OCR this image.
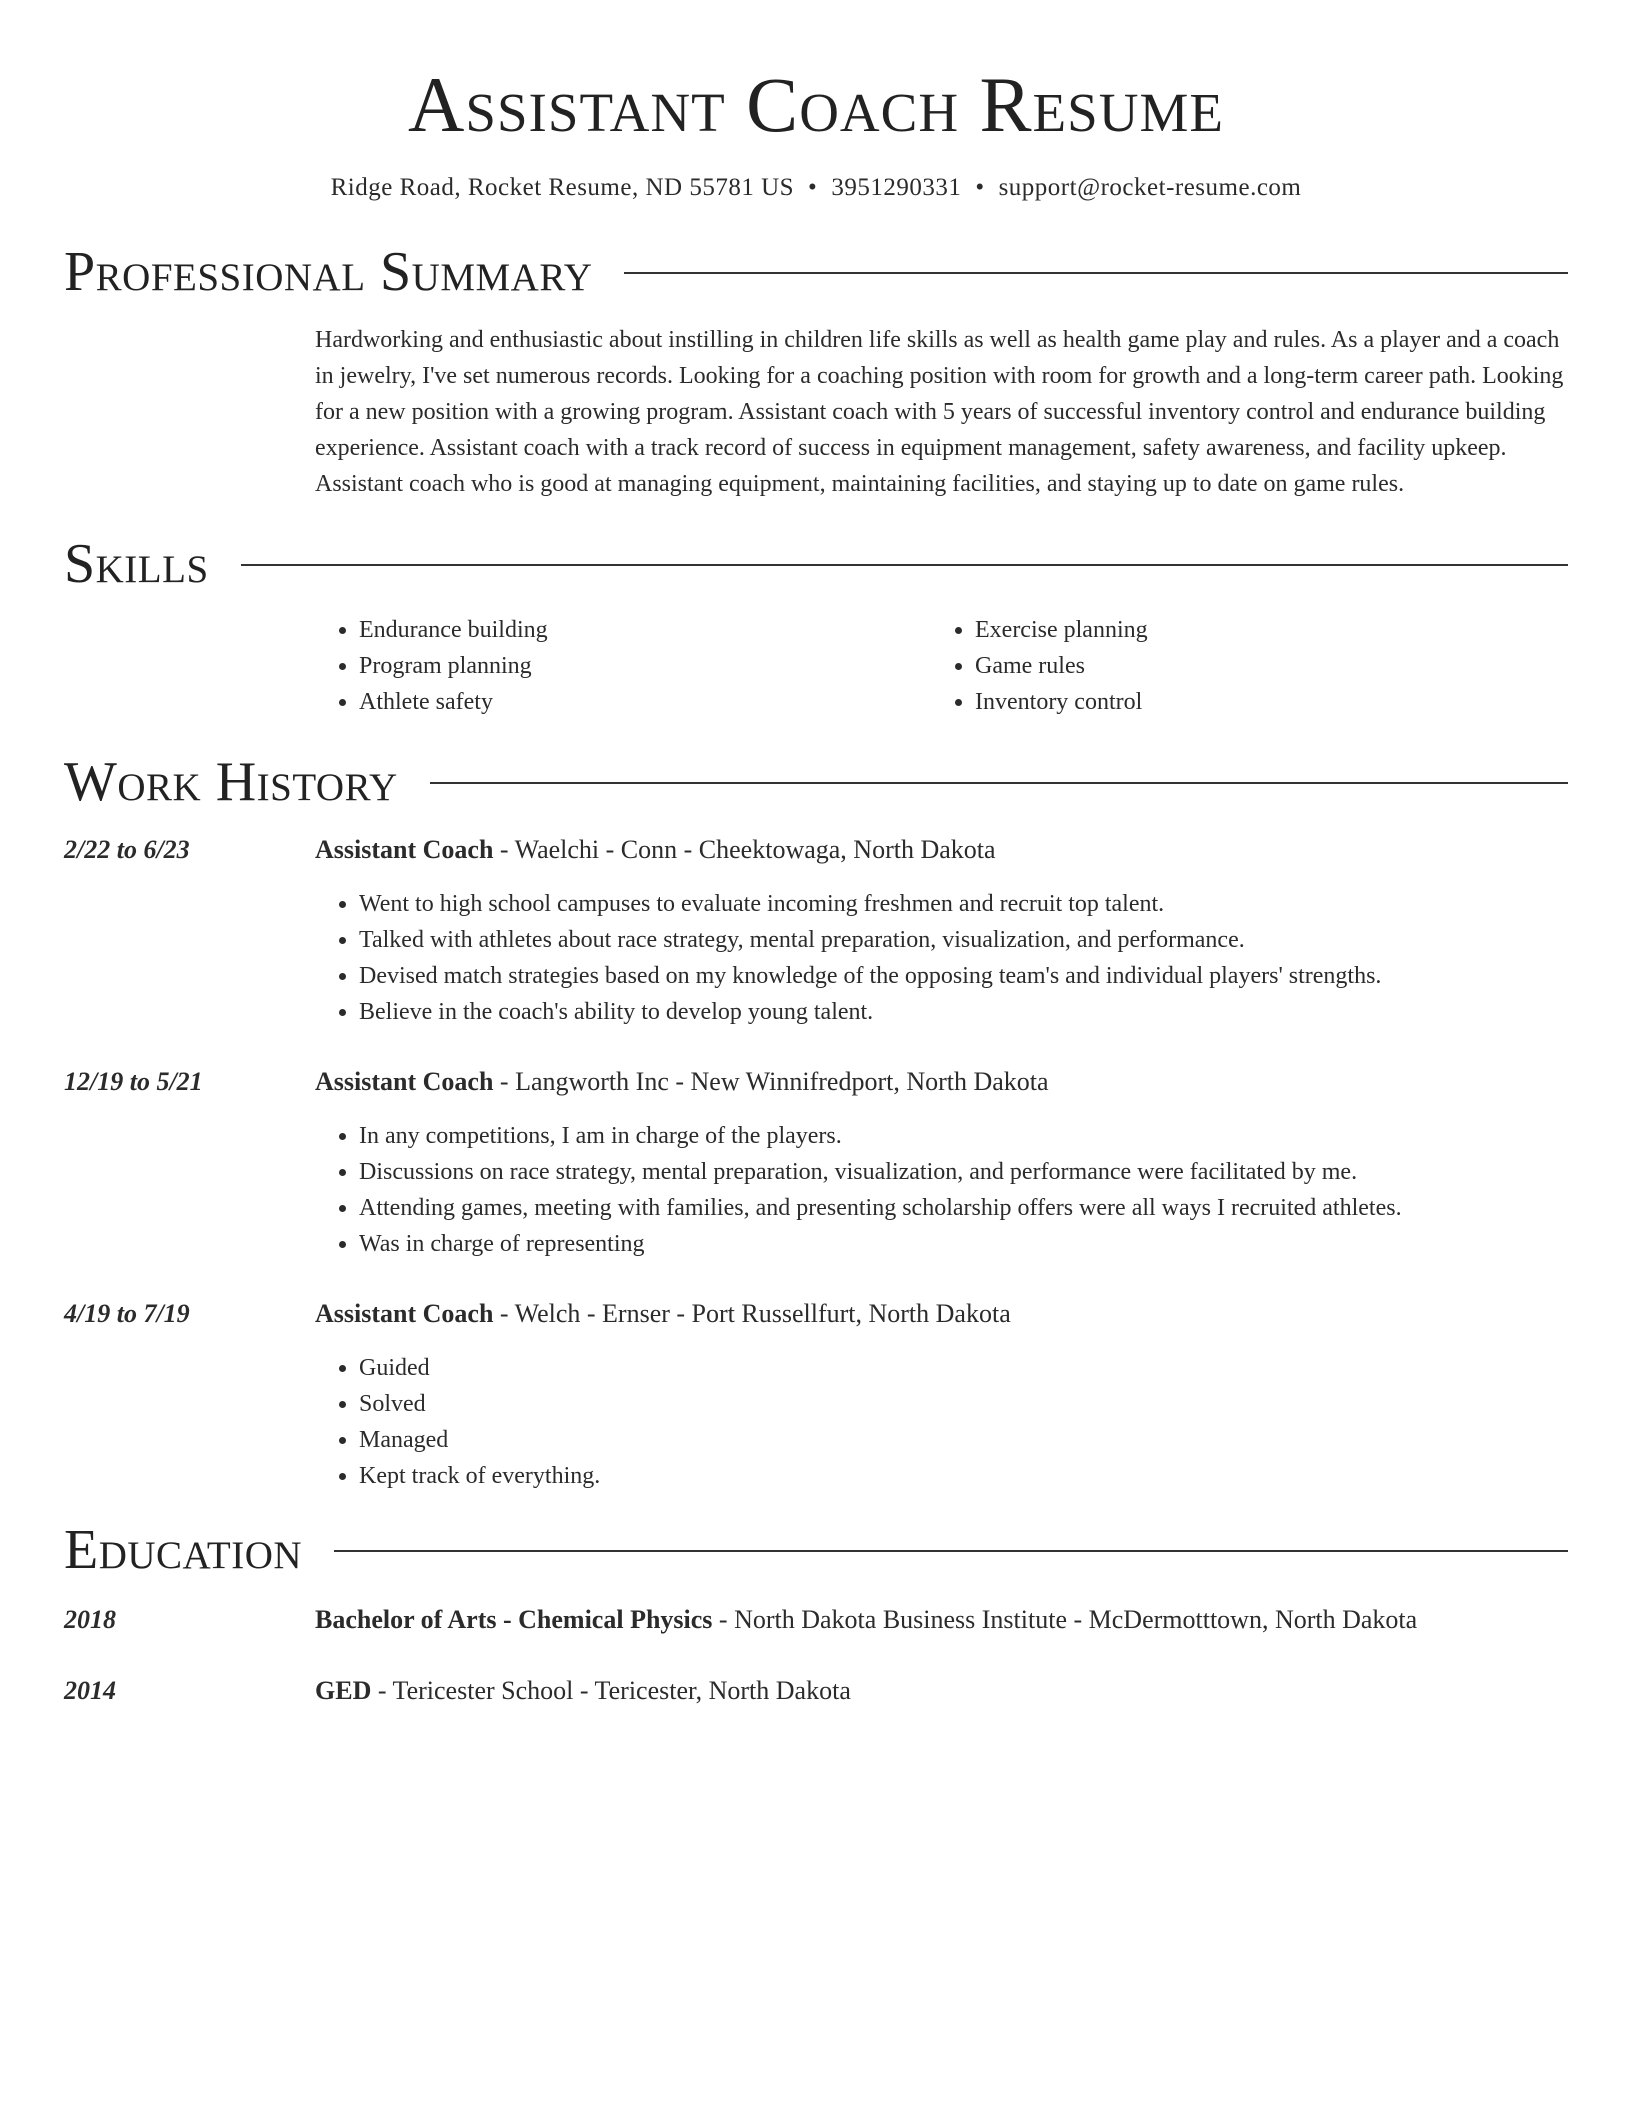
Assistant Coach Resume
Ridge Road, Rocket Resume, ND 55781 US • 3951290331 • support@rocket-resume.com
Professional Summary

Hardworking and enthusiastic about instilling in children life skills as well as health game play and rules. As a player and a coach in jewelry, I've set numerous records. Looking for a coaching position with room for growth and a long-term career path. Looking for a new position with a growing program. Assistant coach with 5 years of successful inventory control and endurance building experience. Assistant coach with a track record of success in equipment management, safety awareness, and facility upkeep. Assistant coach who is good at managing equipment, maintaining facilities, and staying up to date on game rules.

Skills
• Endurance building
• Program planning
• Athlete safety
• Exercise planning
• Game rules
• Inventory control
Work History
2/22 to 6/23	Assistant Coach - Waelchi - Conn - Cheektowaga, North Dakota

• Went to high school campuses to evaluate incoming freshmen and recruit top talent.
• Talked with athletes about race strategy, mental preparation, visualization, and performance.
• Devised match strategies based on my knowledge of the opposing team's and individual players' strengths.
• Believe in the coach's ability to develop young talent.
12/19 to 5/21	Assistant Coach - Langworth Inc - New Winnifredport, North Dakota

• In any competitions, I am in charge of the players.
• Discussions on race strategy, mental preparation, visualization, and performance were facilitated by me.
• Attending games, meeting with families, and presenting scholarship offers were all ways I recruited athletes.
• Was in charge of representing
4/19 to 7/19	Assistant Coach - Welch - Ernser - Port Russellfurt, North Dakota

• Guided
• Solved
• Managed
• Kept track of everything.
Education
2018	Bachelor of Arts - Chemical Physics - North Dakota Business Institute - McDermotttown, North Dakota

2014	GED - Tericester School - Tericester, North Dakota
